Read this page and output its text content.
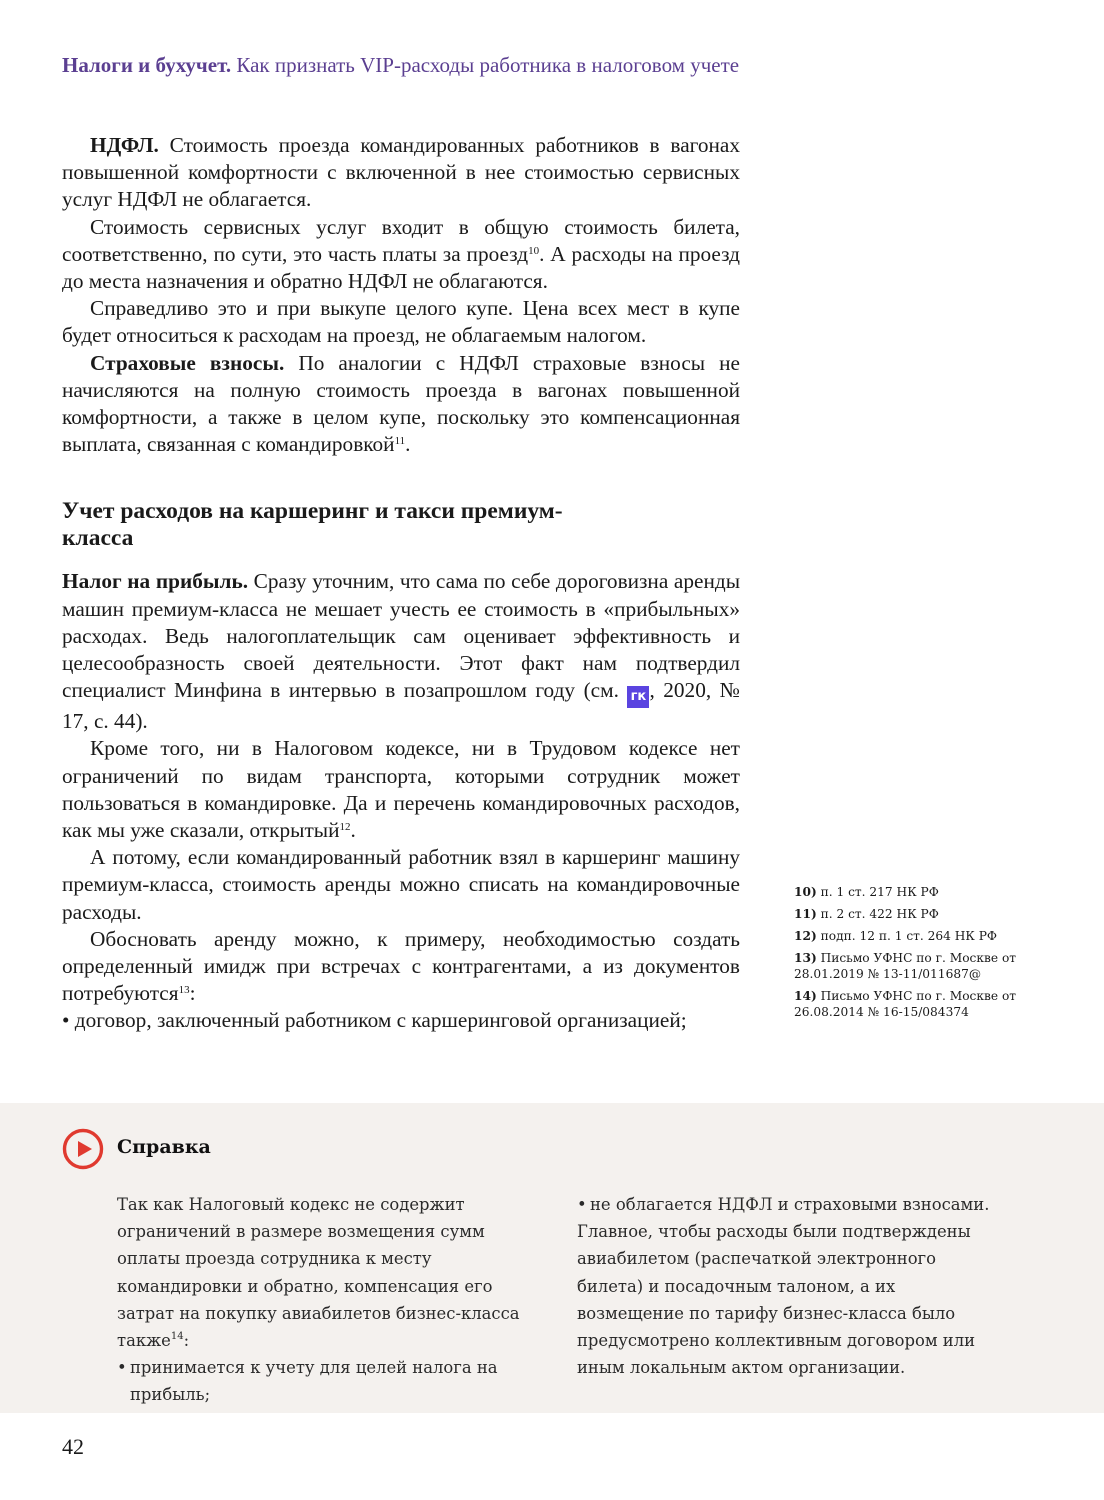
Налоги и бухучет. Как признать VIP-расходы работника в налоговом учете

НДФЛ. Стоимость проезда командированных работников в вагонах повышенной комфортности с включенной в нее стоимостью сервисных услуг НДФЛ не облагается.

Стоимость сервисных услуг входит в общую стоимость билета, соответственно, по сути, это часть платы за проезд$^{10}$. А расходы на проезд до места назначения и обратно НДФЛ не облагаются.

Справедливо это и при выкупе целого купе. Цена всех мест в купе будет относиться к расходам на проезд, не облагаемым налогом.

Страховые взносы. По аналогии с НДФЛ страховые взносы не начисляются на полную стоимость проезда в вагонах повышенной комфортности, а также в целом купе, поскольку это компенсационная выплата, связанная с командировкой$^{11}$.

Учет расходов на каршеринг и такси премиум-класса

Налог на прибыль. Сразу уточним, что сама по себе дороговизна аренды машин премиум-класса не мешает учесть ее стоимость в «прибыльных» расходах. Ведь налогоплательщик сам оценивает эффективность и целесообразность своей деятельности. Этот факт нам подтвердил специалист Минфина в интервью в позапрошлом году (см. гк , 2020, № 17, с. 44).

Кроме того, ни в Налоговом кодексе, ни в Трудовом кодексе нет ограничений по видам транспорта, которыми сотрудник может пользоваться в командировке. Да и перечень командировочных расходов, как мы уже сказали, открытый$^{12}$.

А потому, если командированный работник взял в каршеринг машину премиум-класса, стоимость аренды можно списать на командировочные расходы.

Обосновать аренду можно, к примеру, необходимостью создать определенный имидж при встречах с контрагентами, а из документов потребуются$^{13}$:

• договор, заключенный работником с каршеринговой организацией;

10) п. 1 ст. 217 НК РФ
11) п. 2 ст. 422 НК РФ
12) подп. 12 п. 1 ст. 264 НК РФ
13) Письмо УФНС по г. Москве от 28.01.2019 № 13-11/011687@
14) Письмо УФНС по г. Москве от 26.08.2014 № 16-15/084374
Справка

Так как Налоговый кодекс не содержит ограничений в размере возмещения сумм оплаты проезда сотрудника к месту командировки и обратно, компенсация его затрат на покупку авиабилетов бизнес-класса также$^{14}$:

• принимается к учету для целей налога на прибыль;

• не облагается НДФЛ и страховыми взносами.

Главное, чтобы расходы были подтверждены авиабилетом (распечаткой электронного билета) и посадочным талоном, а их возмещение по тарифу бизнес-класса было предусмотрено коллективным договором или иным локальным актом организации.

42
